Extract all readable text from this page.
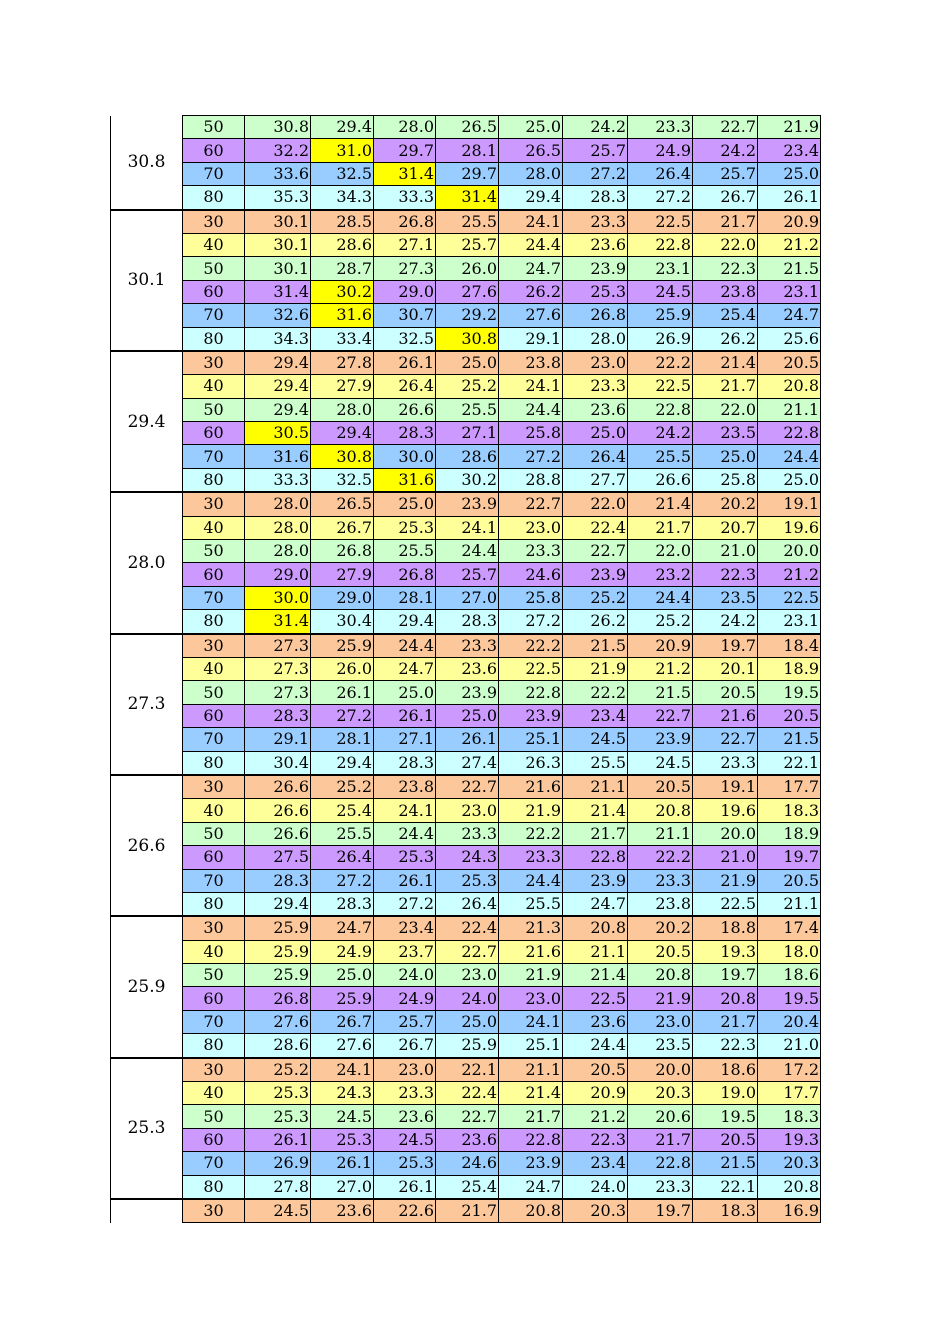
30.8	50	30.8	29.4	28.0	26.5	25.0	24.2	23.3	22.7	21.9
	60	32.2	31.0	29.7	28.1	26.5	25.7	24.9	24.2	23.4
	70	33.6	32.5	31.4	29.7	28.0	27.2	26.4	25.7	25.0
	80	35.3	34.3	33.3	31.4	29.4	28.3	27.2	26.7	26.1
30.1	30	30.1	28.5	26.8	25.5	24.1	23.3	22.5	21.7	20.9
	40	30.1	28.6	27.1	25.7	24.4	23.6	22.8	22.0	21.2
	50	30.1	28.7	27.3	26.0	24.7	23.9	23.1	22.3	21.5
	60	31.4	30.2	29.0	27.6	26.2	25.3	24.5	23.8	23.1
	70	32.6	31.6	30.7	29.2	27.6	26.8	25.9	25.4	24.7
	80	34.3	33.4	32.5	30.8	29.1	28.0	26.9	26.2	25.6
29.4	30	29.4	27.8	26.1	25.0	23.8	23.0	22.2	21.4	20.5
	40	29.4	27.9	26.4	25.2	24.1	23.3	22.5	21.7	20.8
	50	29.4	28.0	26.6	25.5	24.4	23.6	22.8	22.0	21.1
	60	30.5	29.4	28.3	27.1	25.8	25.0	24.2	23.5	22.8
	70	31.6	30.8	30.0	28.6	27.2	26.4	25.5	25.0	24.4
	80	33.3	32.5	31.6	30.2	28.8	27.7	26.6	25.8	25.0
28.0	30	28.0	26.5	25.0	23.9	22.7	22.0	21.4	20.2	19.1
	40	28.0	26.7	25.3	24.1	23.0	22.4	21.7	20.7	19.6
	50	28.0	26.8	25.5	24.4	23.3	22.7	22.0	21.0	20.0
	60	29.0	27.9	26.8	25.7	24.6	23.9	23.2	22.3	21.2
	70	30.0	29.0	28.1	27.0	25.8	25.2	24.4	23.5	22.5
	80	31.4	30.4	29.4	28.3	27.2	26.2	25.2	24.2	23.1
27.3	30	27.3	25.9	24.4	23.3	22.2	21.5	20.9	19.7	18.4
	40	27.3	26.0	24.7	23.6	22.5	21.9	21.2	20.1	18.9
	50	27.3	26.1	25.0	23.9	22.8	22.2	21.5	20.5	19.5
	60	28.3	27.2	26.1	25.0	23.9	23.4	22.7	21.6	20.5
	70	29.1	28.1	27.1	26.1	25.1	24.5	23.9	22.7	21.5
	80	30.4	29.4	28.3	27.4	26.3	25.5	24.5	23.3	22.1
26.6	30	26.6	25.2	23.8	22.7	21.6	21.1	20.5	19.1	17.7
	40	26.6	25.4	24.1	23.0	21.9	21.4	20.8	19.6	18.3
	50	26.6	25.5	24.4	23.3	22.2	21.7	21.1	20.0	18.9
	60	27.5	26.4	25.3	24.3	23.3	22.8	22.2	21.0	19.7
	70	28.3	27.2	26.1	25.3	24.4	23.9	23.3	21.9	20.5
	80	29.4	28.3	27.2	26.4	25.5	24.7	23.8	22.5	21.1
25.9	30	25.9	24.7	23.4	22.4	21.3	20.8	20.2	18.8	17.4
	40	25.9	24.9	23.7	22.7	21.6	21.1	20.5	19.3	18.0
	50	25.9	25.0	24.0	23.0	21.9	21.4	20.8	19.7	18.6
	60	26.8	25.9	24.9	24.0	23.0	22.5	21.9	20.8	19.5
	70	27.6	26.7	25.7	25.0	24.1	23.6	23.0	21.7	20.4
	80	28.6	27.6	26.7	25.9	25.1	24.4	23.5	22.3	21.0
25.3	30	25.2	24.1	23.0	22.1	21.1	20.5	20.0	18.6	17.2
	40	25.3	24.3	23.3	22.4	21.4	20.9	20.3	19.0	17.7
	50	25.3	24.5	23.6	22.7	21.7	21.2	20.6	19.5	18.3
	60	26.1	25.3	24.5	23.6	22.8	22.3	21.7	20.5	19.3
	70	26.9	26.1	25.3	24.6	23.9	23.4	22.8	21.5	20.3
	80	27.8	27.0	26.1	25.4	24.7	24.0	23.3	22.1	20.8
	30	24.5	23.6	22.6	21.7	20.8	20.3	19.7	18.3	16.9
